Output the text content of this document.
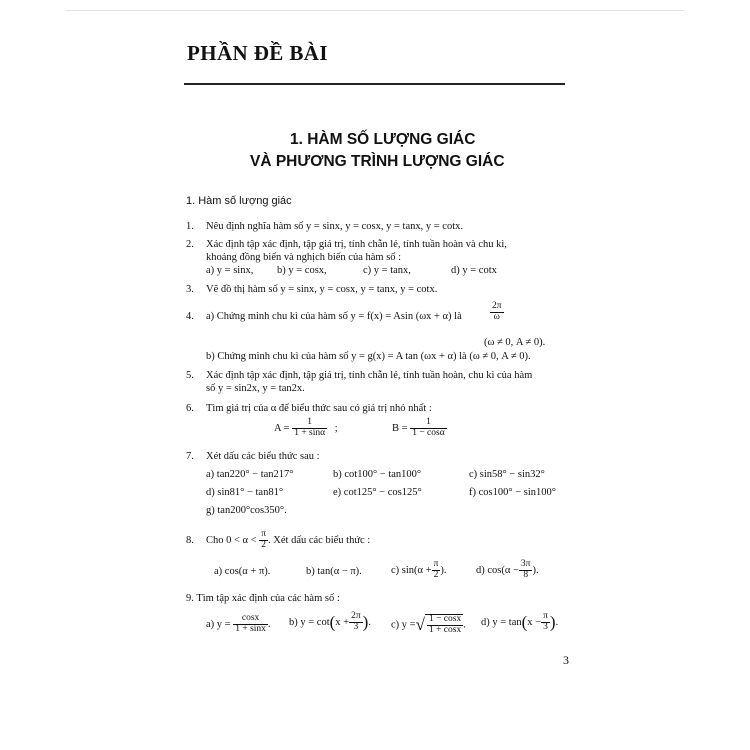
PHẦN ĐỀ BÀI
1. HÀM SỐ LƯỢNG GIÁC
VÀ PHƯƠNG TRÌNH LƯỢNG GIÁC
1. Hàm số lượng giác
1. Nêu định nghĩa hàm số y = sinx, y = cosx, y = tanx, y = cotx.
2. Xác định tập xác định, tập giá trị, tính chẵn lẻ, tính tuần hoàn và chu kì,
khoảng đồng biến và nghịch biến của hàm số :
a) y = sinx, b) y = cosx,	c) y = tanx,	d) y = cotx
3. Vẽ đồ thị hàm số y = sinx, y = cosx, y = tanx, y = cotx.
4. a) Chứng minh chu kì của hàm số y = f(x) = Asin (ωx + α) là	$\frac{2\pi}{\omega}$
(ω ≠ 0, A ≠ 0).
b) Chứng minh chu kì của hàm số y = g(x) = A tan (ωx + α) là (ω ≠ 0, A ≠ 0).
5. Xác định tập xác định, tập giá trị, tính chẵn lẻ, tính tuần hoàn, chu kì của hàm
số y = sin2x, y = tan2x.
6. Tìm giá trị của α để biểu thức sau có giá trị nhỏ nhất :
$A = \frac{1}{1 + \sin\alpha}$ ;	$B = \frac{1}{1 - \cos\alpha}$
7. Xét dấu các biểu thức sau :
a) tan220° − tan217°	b) cot100° − tan100°	c) sin58° − sin32°
d) sin81° − tan81°	e) cot125° − cos125°	f) cos100° − sin100°
g) tan200°cos350°.
8. Cho $0 < \alpha < \frac{\pi}{2}$ . Xét dấu các biểu thức :
a) cos(α + π).	b) tan(α − π).	c) $\sin(\alpha + \frac{\pi}{2}$ ).	d) $\cos(\alpha - \frac{3\pi}{8}$ ).
9. Tìm tập xác định của các hàm số :
a) $y = \frac{\cos x}{1 + \sin x}$ . b) $y = \cot(x + \frac{2\pi}{3}$ ). c) y =√ $\frac{1 - \cos x}{1 + \cos x}$ . d) $y = \tan(x - \frac{\pi}{3}$ ).
3
